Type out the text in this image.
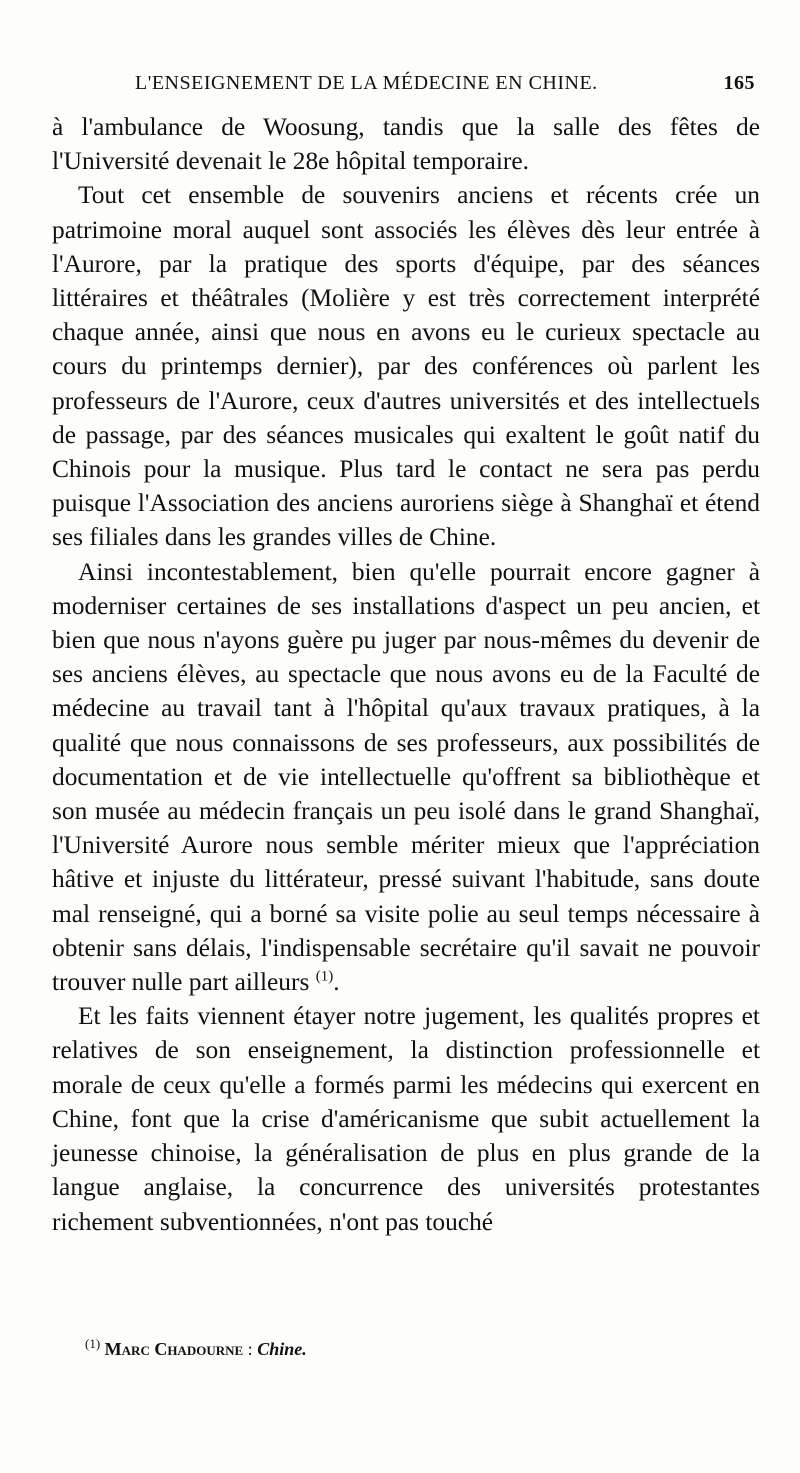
L'ENSEIGNEMENT DE LA MÉDECINE EN CHINE.	165

à l'ambulance de Woosung, tandis que la salle des fêtes de l'Université devenait le 28e hôpital temporaire.

Tout cet ensemble de souvenirs anciens et récents crée un patrimoine moral auquel sont associés les élèves dès leur entrée à l'Aurore, par la pratique des sports d'équipe, par des séances littéraires et théâtrales (Molière y est très correctement interprété chaque année, ainsi que nous en avons eu le curieux spectacle au cours du printemps dernier), par des conférences où parlent les professeurs de l'Aurore, ceux d'autres universités et des intellectuels de passage, par des séances musicales qui exaltent le goût natif du Chinois pour la musique. Plus tard le contact ne sera pas perdu puisque l'Association des anciens auroriens siège à Shanghaï et étend ses filiales dans les grandes villes de Chine.

Ainsi incontestablement, bien qu'elle pourrait encore gagner à moderniser certaines de ses installations d'aspect un peu ancien, et bien que nous n'ayons guère pu juger par nous-mêmes du devenir de ses anciens élèves, au spectacle que nous avons eu de la Faculté de médecine au travail tant à l'hôpital qu'aux travaux pratiques, à la qualité que nous connaissons de ses professeurs, aux possibilités de documentation et de vie intellectuelle qu'offrent sa bibliothèque et son musée au médecin français un peu isolé dans le grand Shanghaï, l'Université Aurore nous semble mériter mieux que l'appréciation hâtive et injuste du littérateur, pressé suivant l'habitude, sans doute mal renseigné, qui a borné sa visite polie au seul temps nécessaire à obtenir sans délais, l'indispensable secrétaire qu'il savait ne pouvoir trouver nulle part ailleurs $^{(1)}$.

Et les faits viennent étayer notre jugement, les qualités propres et relatives de son enseignement, la distinction professionnelle et morale de ceux qu'elle a formés parmi les médecins qui exercent en Chine, font que la crise d'américanisme que subit actuellement la jeunesse chinoise, la généralisation de plus en plus grande de la langue anglaise, la concurrence des universités protestantes richement subventionnées, n'ont pas touché

$^{(1)}$ Marc Chadourne : Chine.
